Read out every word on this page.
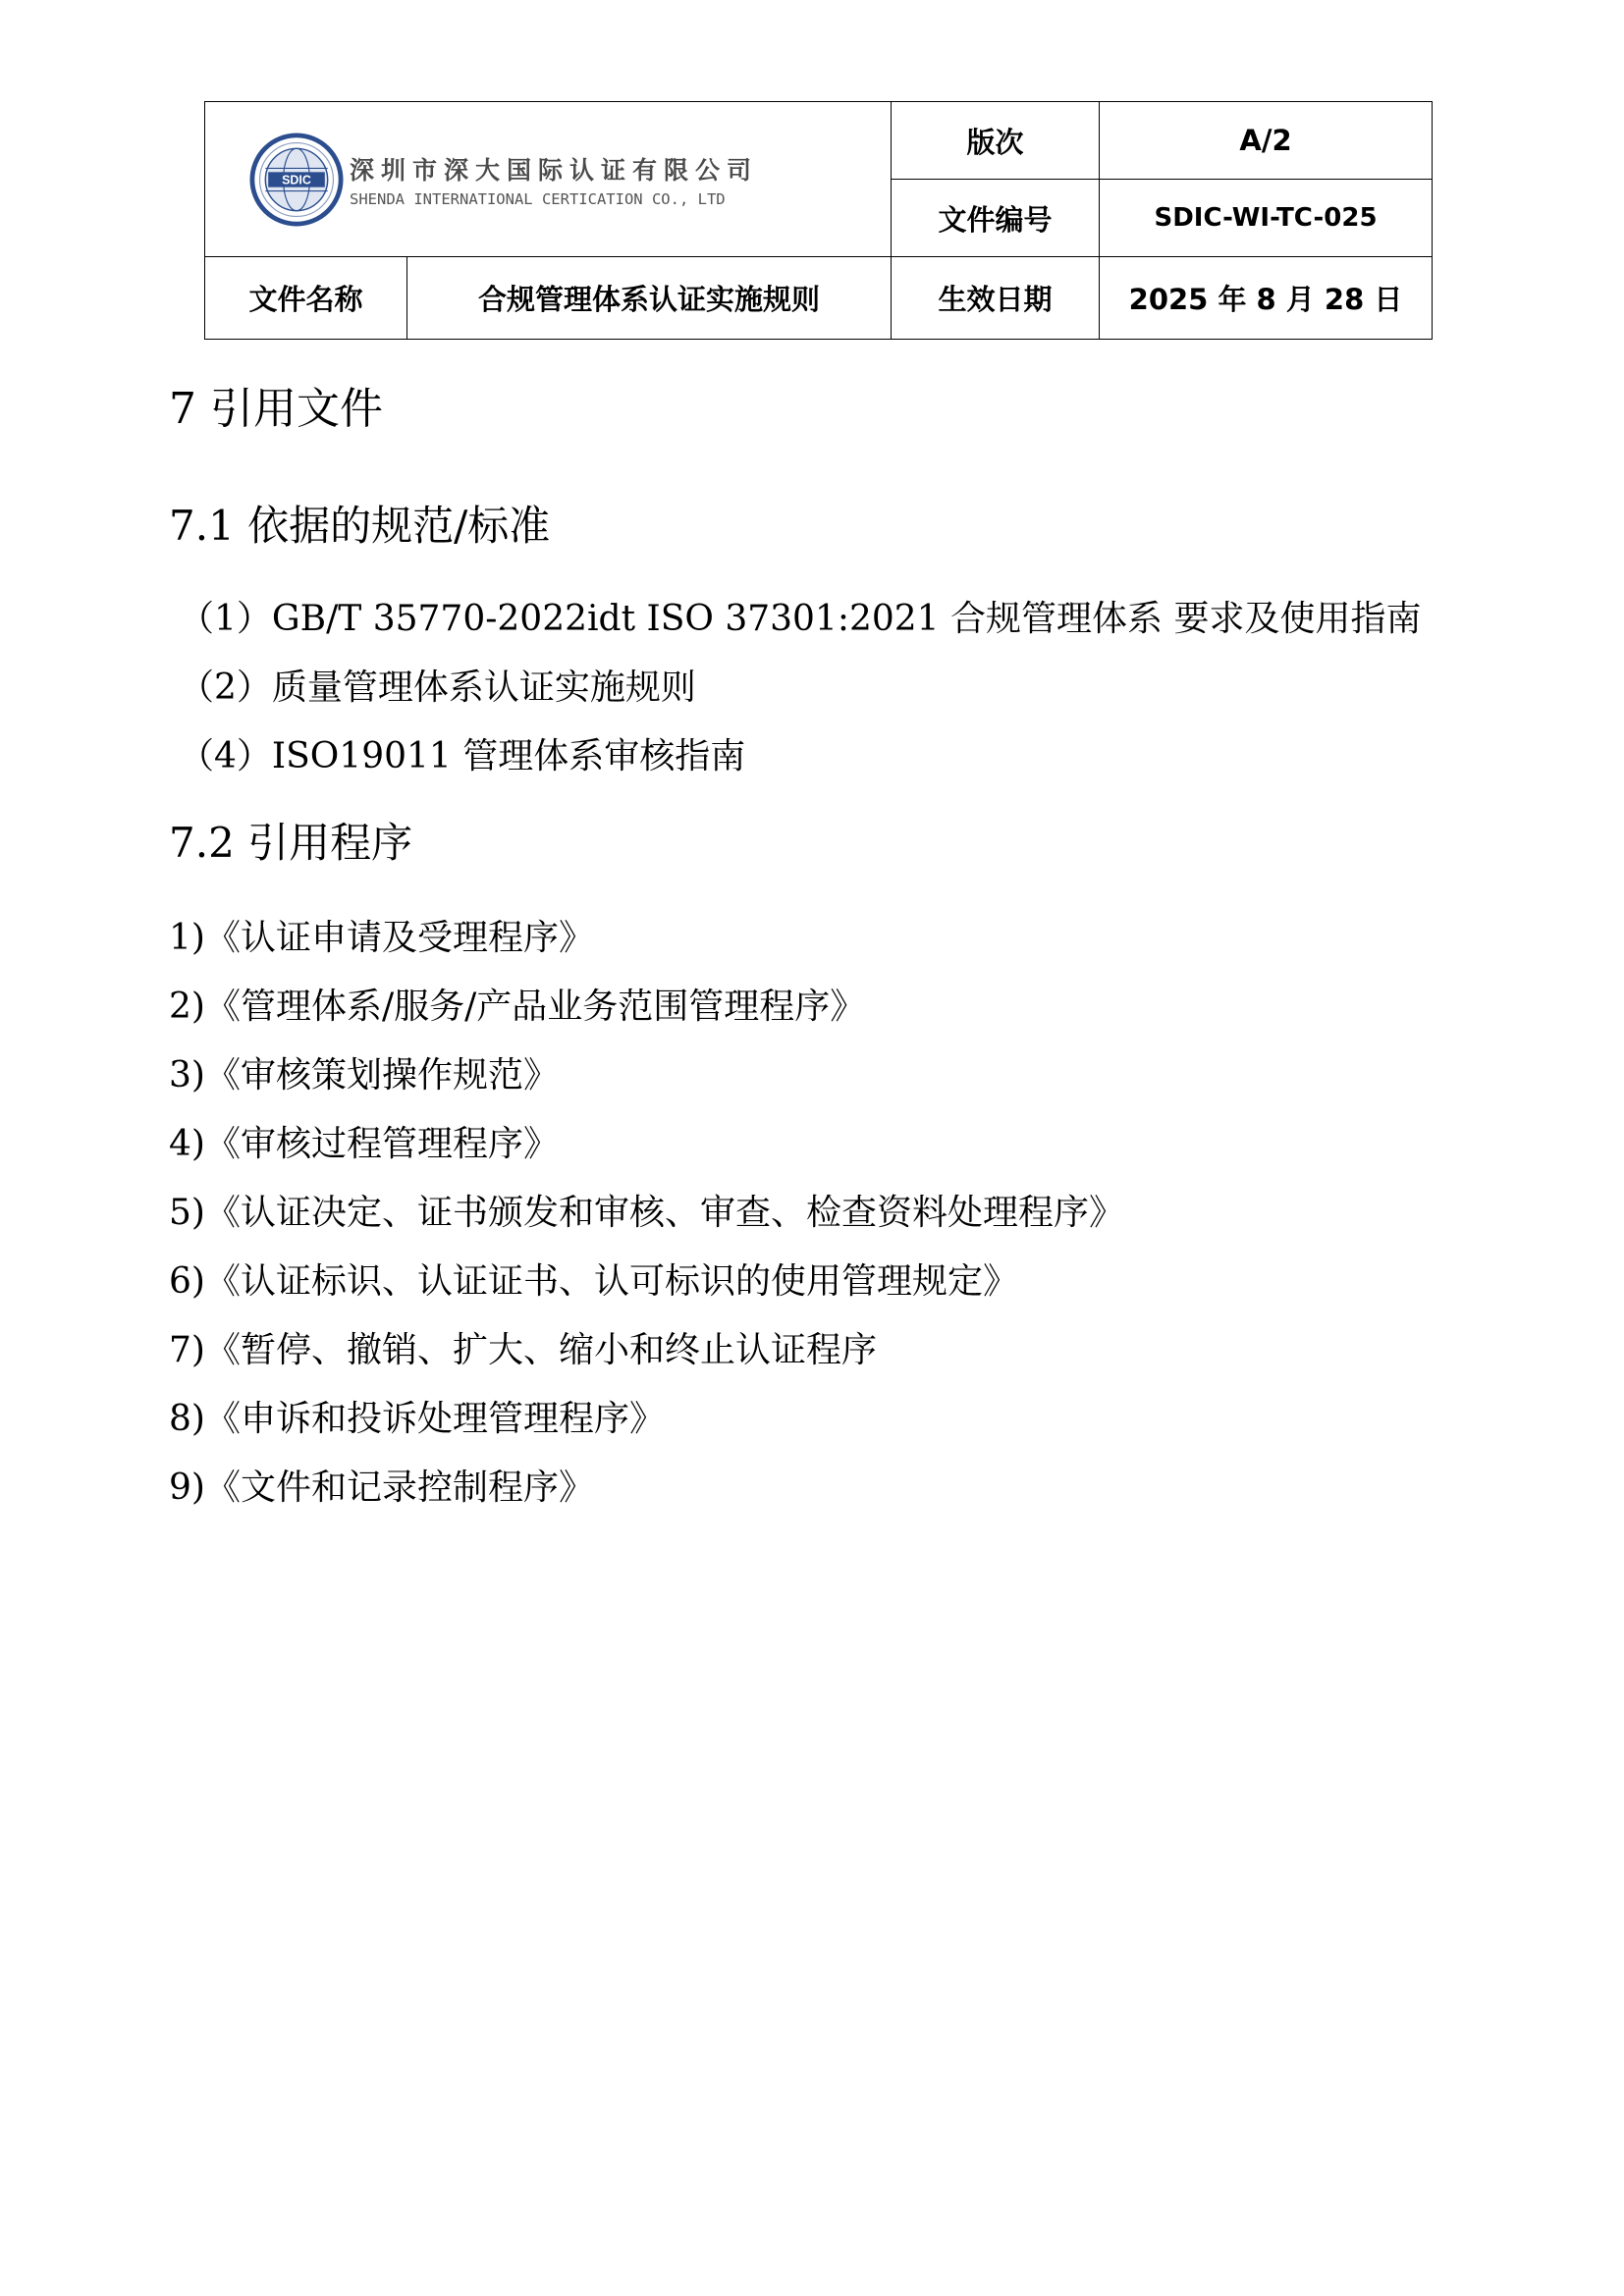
SDIC 深圳市深大国际认证有限公司
SHENDA INTERNATIONAL CERTICATION CO., LTD		版次	A/2
		文件编号	SDIC-WI-TC-025
文件名称	合规管理体系认证实施规则	生效日期	2025 年 8 月 28 日
7 引用文件
7.1 依据的规范/标准
（1）GB/T 35770-2022idt ISO 37301:2021 合规管理体系 要求及使用指南
（2）质量管理体系认证实施规则
（4）ISO19011 管理体系审核指南
7.2 引用程序
1)《认证申请及受理程序》
2)《管理体系/服务/产品业务范围管理程序》
3)《审核策划操作规范》
4)《审核过程管理程序》
5)《认证决定、证书颁发和审核、审查、检查资料处理程序》
6)《认证标识、认证证书、认可标识的使用管理规定》
7)《暂停、撤销、扩大、缩小和终止认证程序
8)《申诉和投诉处理管理程序》
9)《文件和记录控制程序》
